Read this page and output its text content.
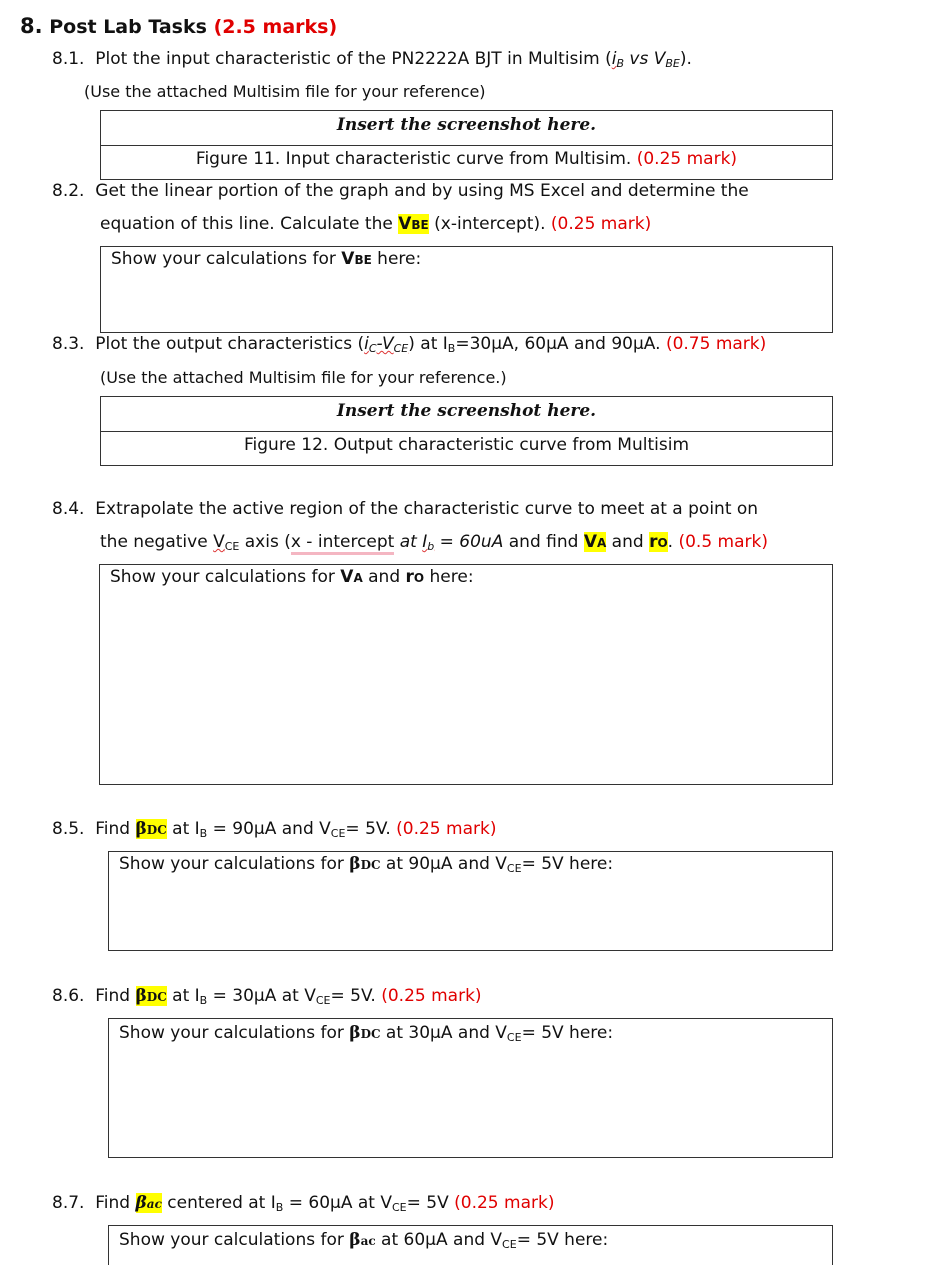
8. Post Lab Tasks (2.5 marks)
8.1. Plot the input characteristic of the PN2222A BJT in Multisim (iB vs VBE).
(Use the attached Multisim file for your reference)
Insert the screenshot here.
Figure 11. Input characteristic curve from Multisim. (0.25 mark)
8.2. Get the linear portion of the graph and by using MS Excel and determine the
equation of this line. Calculate the VBE (x-intercept). (0.25 mark)
Show your calculations for VBE here:
8.3. Plot the output characteristics (iC-VCE) at IB=30µA, 60µA and 90µA. (0.75 mark)
(Use the attached Multisim file for your reference.)
Insert the screenshot here.
Figure 12. Output characteristic curve from Multisim
8.4. Extrapolate the active region of the characteristic curve to meet at a point on
the negative VCE axis (x - intercept at Ib = 60uA and find VA and rO. (0.5 mark)
Show your calculations for VA and rO here:
8.5. Find βDC at IB = 90µA and VCE= 5V. (0.25 mark)
Show your calculations for βDC at 90µA and VCE= 5V here:
8.6. Find βDC at IB = 30µA at VCE= 5V. (0.25 mark)
Show your calculations for βDC at 30µA and VCE= 5V here:
8.7. Find βac centered at IB = 60µA at VCE= 5V (0.25 mark)
Show your calculations for βac at 60µA and VCE= 5V here:
